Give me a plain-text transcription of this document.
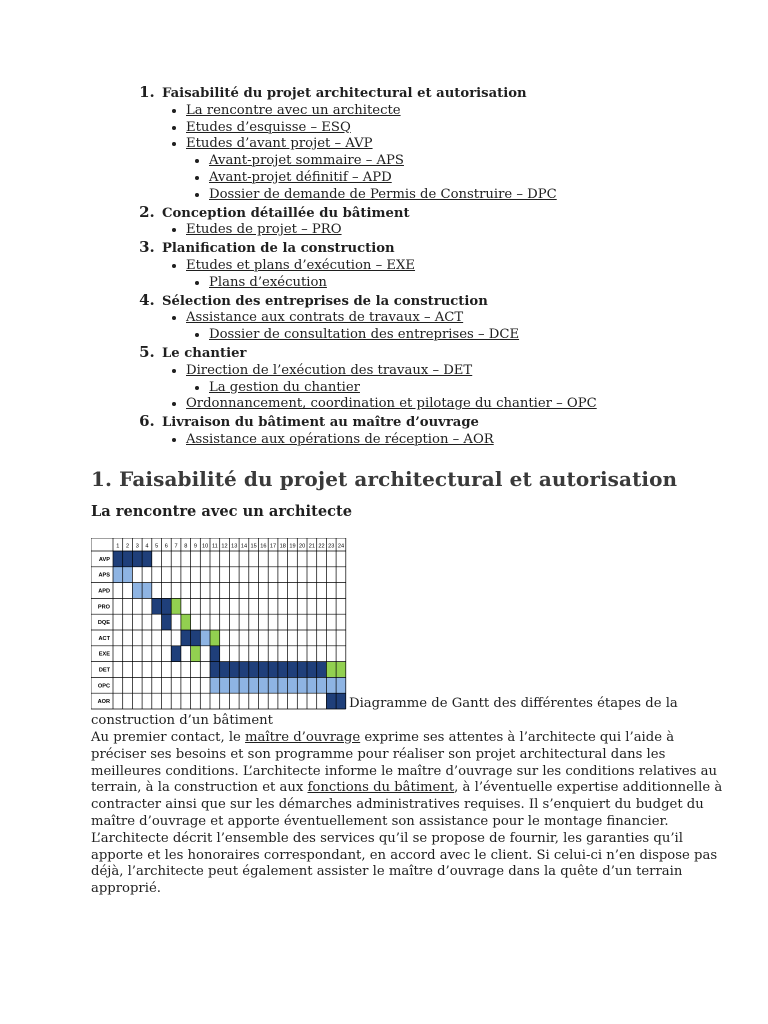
1. Faisabilité du projet architectural et autorisation
• La rencontre avec un architecte
• Etudes d’esquisse – ESQ
• Etudes d’avant projet – AVP
• Avant-projet sommaire – APS
• Avant-projet définitif – APD
• Dossier de demande de Permis de Construire – DPC
2. Conception détaillée du bâtiment
• Etudes de projet – PRO
3. Planification de la construction
• Etudes et plans d’exécution – EXE
• Plans d’exécution
4. Sélection des entreprises de la construction
• Assistance aux contrats de travaux – ACT
• Dossier de consultation des entreprises – DCE
5. Le chantier
• Direction de l’exécution des travaux – DET
• La gestion du chantier
• Ordonnancement, coordination et pilotage du chantier – OPC
6. Livraison du bâtiment au maître d’ouvrage
• Assistance aux opérations de réception – AOR
1. Faisabilité du projet architectural et autorisation
La rencontre avec un architecte
1 2 3 4 5 6 7 8 9 10 11 12 13 14 15 16 17 18 19 20 21 22 23 24
AVP
APS
APD
PRO
DQE
ACT
EXE
DET
OPC
AOR	Diagramme de Gantt des différentes étapes de la
construction d’un bâtiment

Au premier contact, le maître d’ouvrage exprime ses attentes à l’architecte qui l’aide à
préciser ses besoins et son programme pour réaliser son projet architectural dans les
meilleures conditions. L’architecte informe le maître d’ouvrage sur les conditions relatives au
terrain, à la construction et aux fonctions du bâtiment, à l’éventuelle expertise additionnelle à
contracter ainsi que sur les démarches administratives requises. Il s’enquiert du budget du
maître d’ouvrage et apporte éventuellement son assistance pour le montage financier.
L’architecte décrit l’ensemble des services qu’il se propose de fournir, les garanties qu’il
apporte et les honoraires correspondant, en accord avec le client. Si celui-ci n’en dispose pas
déjà, l’architecte peut également assister le maître d’ouvrage dans la quête d’un terrain
approprié.
